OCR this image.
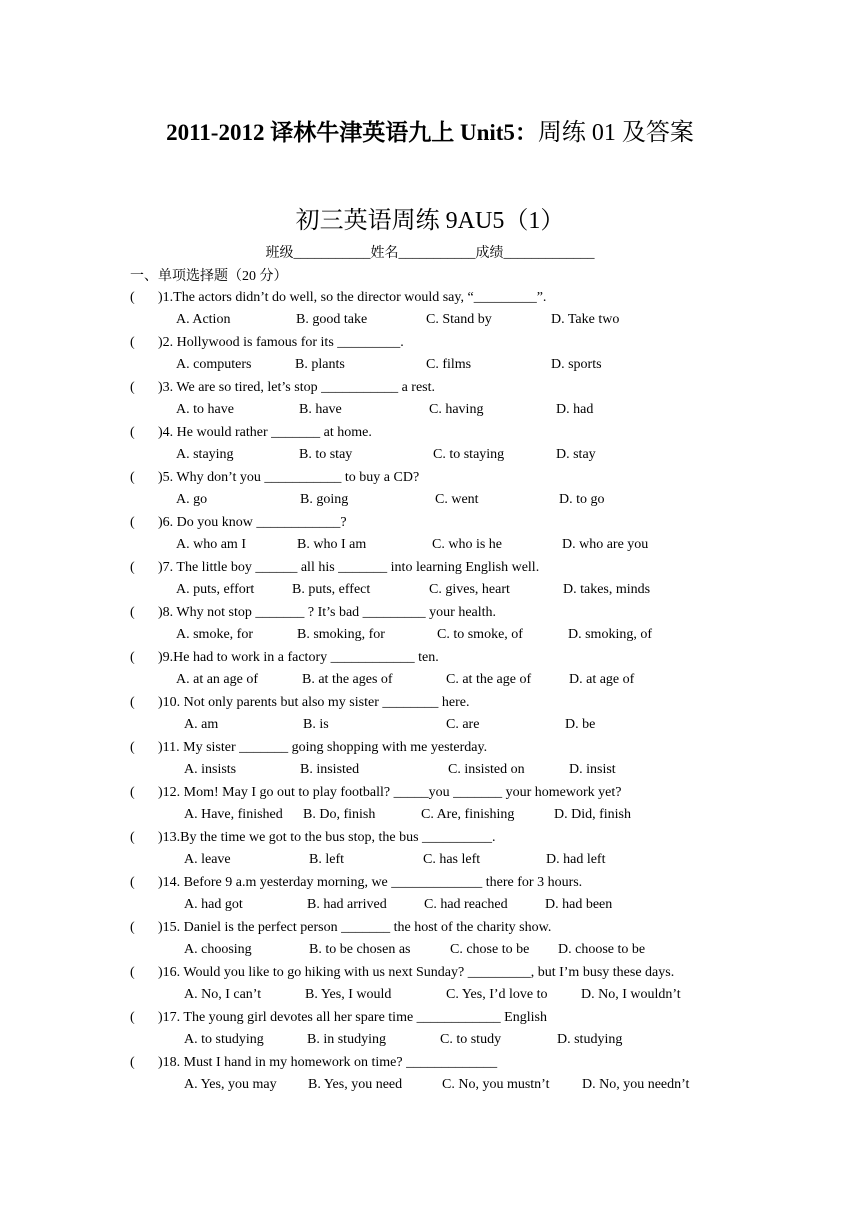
2011-2012 译林牛津英语九上 Unit5：周练 01 及答案
初三英语周练 9AU5（1）
班级___________姓名___________成绩_____________
一、单项选择题（20 分）
( )1.The actors didn’t do well, so the director would say, “_________”.
A. Action	B. good take	C. Stand by	D. Take two
( )2. Hollywood is famous for its _________.
A. computers	B. plants	C. films	D. sports
( )3. We are so tired, let’s stop ___________ a rest.
A. to have	B. have	C. having	D. had
( )4. He would rather _______ at home.
A. staying	B. to stay	C. to staying	D. stay
( )5. Why don’t you ___________ to buy a CD?
A. go	B. going	C. went	D. to go
( )6. Do you know ____________?
A. who am I	B. who I am	C. who is he	D. who are you
( )7. The little boy ______ all his _______ into learning English well.
A. puts, effort	B. puts, effect	C. gives, heart	D. takes, minds
( )8. Why not stop _______ ? It’s bad _________ your health.
A. smoke, for	B. smoking, for	C. to smoke, of	D. smoking, of
( )9.He had to work in a factory ____________ ten.
A. at an age of	B. at the ages of	C. at the age of	D. at age of
( )10. Not only parents but also my sister ________ here.
A. am	B. is	C. are	D. be
( )11. My sister _______ going shopping with me yesterday.
A. insists	B. insisted	C. insisted on	D. insist
( )12. Mom! May I go out to play football? _____you _______ your homework yet?
A. Have, finished B. Do, finish	C. Are, finishing	D. Did, finish
( )13.By the time we got to the bus stop, the bus __________.
A. leave	B. left	C. has left	D. had left
( )14. Before 9 a.m yesterday morning, we _____________ there for 3 hours.
A. had got	B. had arrived	C. had reached	D. had been
( )15. Daniel is the perfect person _______ the host of the charity show.
A. choosing	B. to be chosen as	C. chose to be D. choose to be
( )16. Would you like to go hiking with us next Sunday? _________, but I’m busy these days.
A. No, I can’t	B. Yes, I would	C. Yes, I’d love to D. No, I wouldn’t
( )17. The young girl devotes all her spare time ____________ English
A. to studying	B. in studying	C. to study	D. studying
( )18. Must I hand in my homework on time? _____________
A. Yes, you may B. Yes, you need	C. No, you mustn’t D. No, you needn’t
